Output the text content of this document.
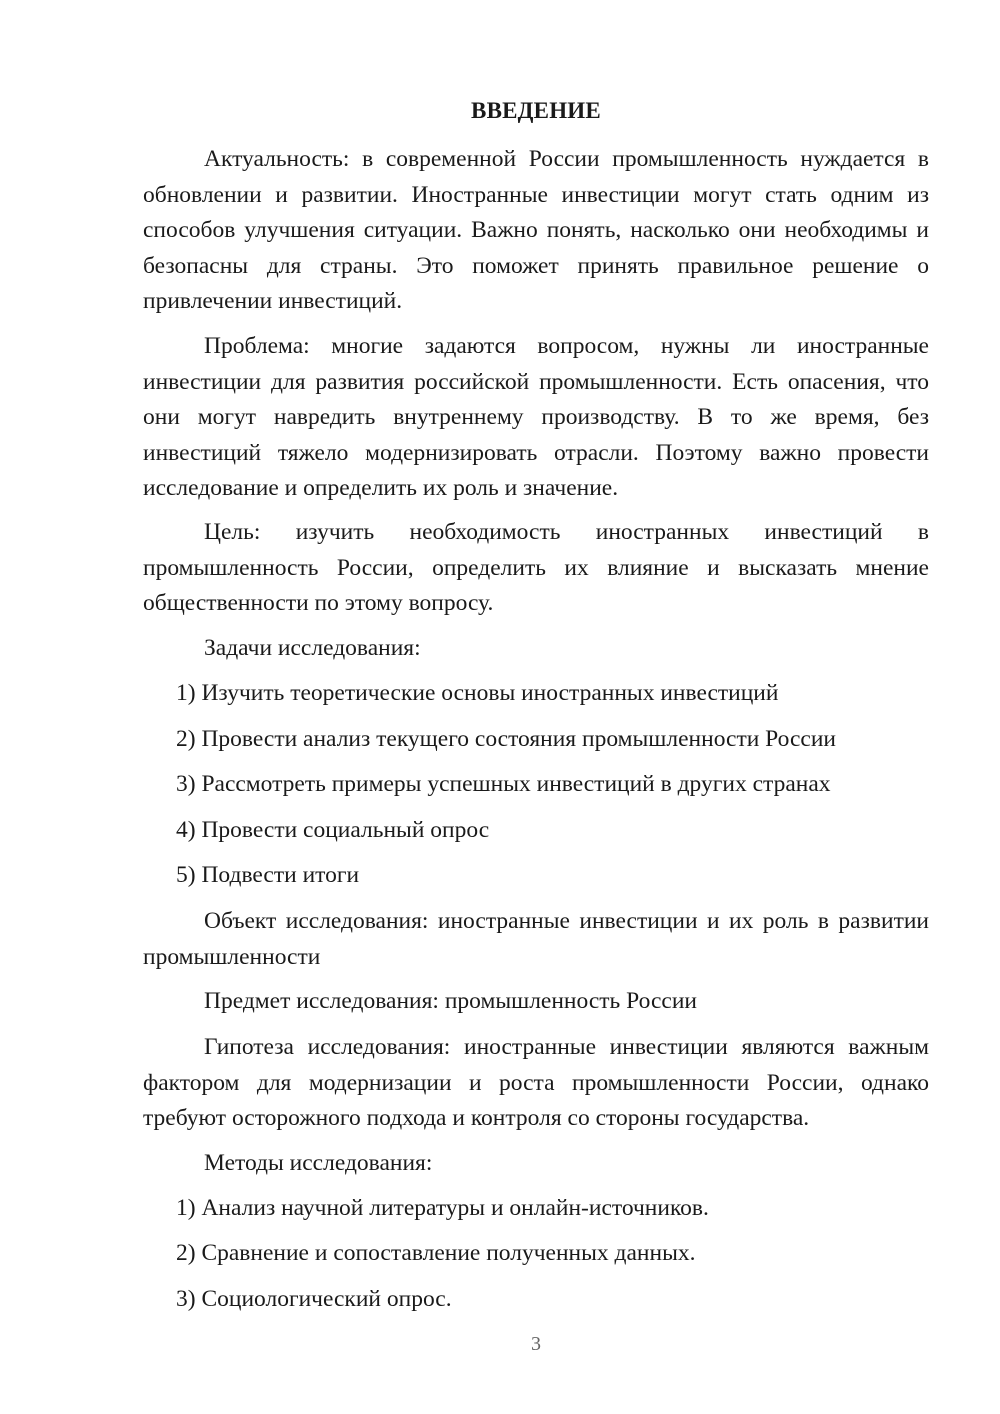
ВВЕДЕНИЕ

Актуальность: в современной России промышленность нуждается в обновлении и развитии. Иностранные инвестиции могут стать одним из способов улучшения ситуации. Важно понять, насколько они необходимы и безопасны для страны. Это поможет принять правильное решение о привлечении инвестиций.

Проблема: многие задаются вопросом, нужны ли иностранные инвестиции для развития российской промышленности. Есть опасения, что они могут навредить внутреннему производству. В то же время, без инвестиций тяжело модернизировать отрасли. Поэтому важно провести исследование и определить их роль и значение.

Цель: изучить необходимость иностранных инвестиций в промышленность России, определить их влияние и высказать мнение общественности по этому вопросу.

Задачи исследования:

1) Изучить теоретические основы иностранных инвестиций

2) Провести анализ текущего состояния промышленности России

3) Рассмотреть примеры успешных инвестиций в других странах

4) Провести социальный опрос

5) Подвести итоги

Объект исследования: иностранные инвестиции и их роль в развитии промышленности

Предмет исследования: промышленность России

Гипотеза исследования: иностранные инвестиции являются важным фактором для модернизации и роста промышленности России, однако требуют осторожного подхода и контроля со стороны государства.

Методы исследования:

1) Анализ научной литературы и онлайн-источников.

2) Сравнение и сопоставление полученных данных.

3) Социологический опрос.

3
